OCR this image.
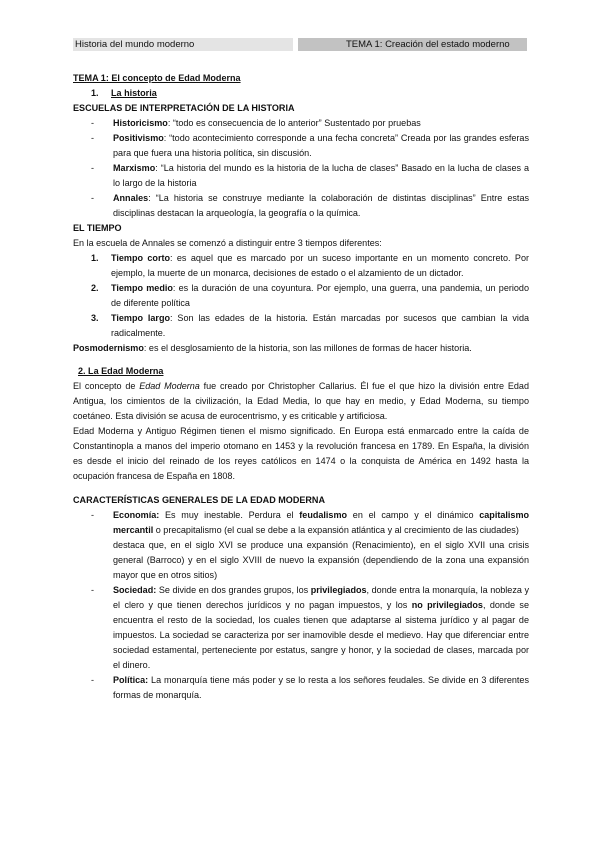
Historia del mundo moderno	TEMA 1: Creación del estado moderno

TEMA 1: El concepto de Edad Moderna

1. La historia

ESCUELAS DE INTERPRETACIÓN DE LA HISTORIA

- Historicismo: “todo es consecuencia de lo anterior” Sustentado por pruebas
- Positivismo: “todo acontecimiento corresponde a una fecha concreta” Creada por las grandes esferas para que fuera una historia política, sin discusión.
- Marxismo: “La historia del mundo es la historia de la lucha de clases” Basado en la lucha de clases a lo largo de la historia
- Annales: “La historia se construye mediante la colaboración de distintas disciplinas” Entre estas disciplinas destacan la arqueología, la geografía o la química.

EL TIEMPO

En la escuela de Annales se comenzó a distinguir entre 3 tiempos diferentes:

1. Tiempo corto: es aquel que es marcado por un suceso importante en un momento concreto. Por ejemplo, la muerte de un monarca, decisiones de estado o el alzamiento de un dictador.
2. Tiempo medio: es la duración de una coyuntura. Por ejemplo, una guerra, una pandemia, un periodo de diferente política
3. Tiempo largo: Son las edades de la historia. Están marcadas por sucesos que cambian la vida radicalmente.

Posmodernismo: es el desglosamiento de la historia, son las millones de formas de hacer historia.

2. La Edad Moderna

El concepto de Edad Moderna fue creado por Christopher Callarius. Él fue el que hizo la división entre Edad Antigua, los cimientos de la civilización, la Edad Media, lo que hay en medio, y Edad Moderna, su tiempo coetáneo. Esta división se acusa de eurocentrismo, y es criticable y artificiosa.

Edad Moderna y Antiguo Régimen tienen el mismo significado. En Europa está enmarcado entre la caída de Constantinopla a manos del imperio otomano en 1453 y la revolución francesa en 1789. En España, la división es desde el inicio del reinado de los reyes católicos en 1474 o la conquista de América en 1492 hasta la ocupación francesa de España en 1808.

CARACTERÍSTICAS GENERALES DE LA EDAD MODERNA

- Economía: Es muy inestable. Perdura el feudalismo en el campo y el dinámico capitalismo mercantil o precapitalismo (el cual se debe a la expansión atlántica y al crecimiento de las ciudades)

destaca que, en el siglo XVI se produce una expansión (Renacimiento), en el siglo XVII una crisis general (Barroco) y en el siglo XVIII de nuevo la expansión (dependiendo de la zona una expansión mayor que en otros sitios)

- Sociedad: Se divide en dos grandes grupos, los privilegiados, donde entra la monarquía, la nobleza y el clero y que tienen derechos jurídicos y no pagan impuestos, y los no privilegiados, donde se encuentra el resto de la sociedad, los cuales tienen que adaptarse al sistema jurídico y al pagar de impuestos. La sociedad se caracteriza por ser inamovible desde el medievo. Hay que diferenciar entre sociedad estamental, perteneciente por estatus, sangre y honor, y la sociedad de clases, marcada por el dinero.
- Política: La monarquía tiene más poder y se lo resta a los señores feudales. Se divide en 3 diferentes formas de monarquía.
